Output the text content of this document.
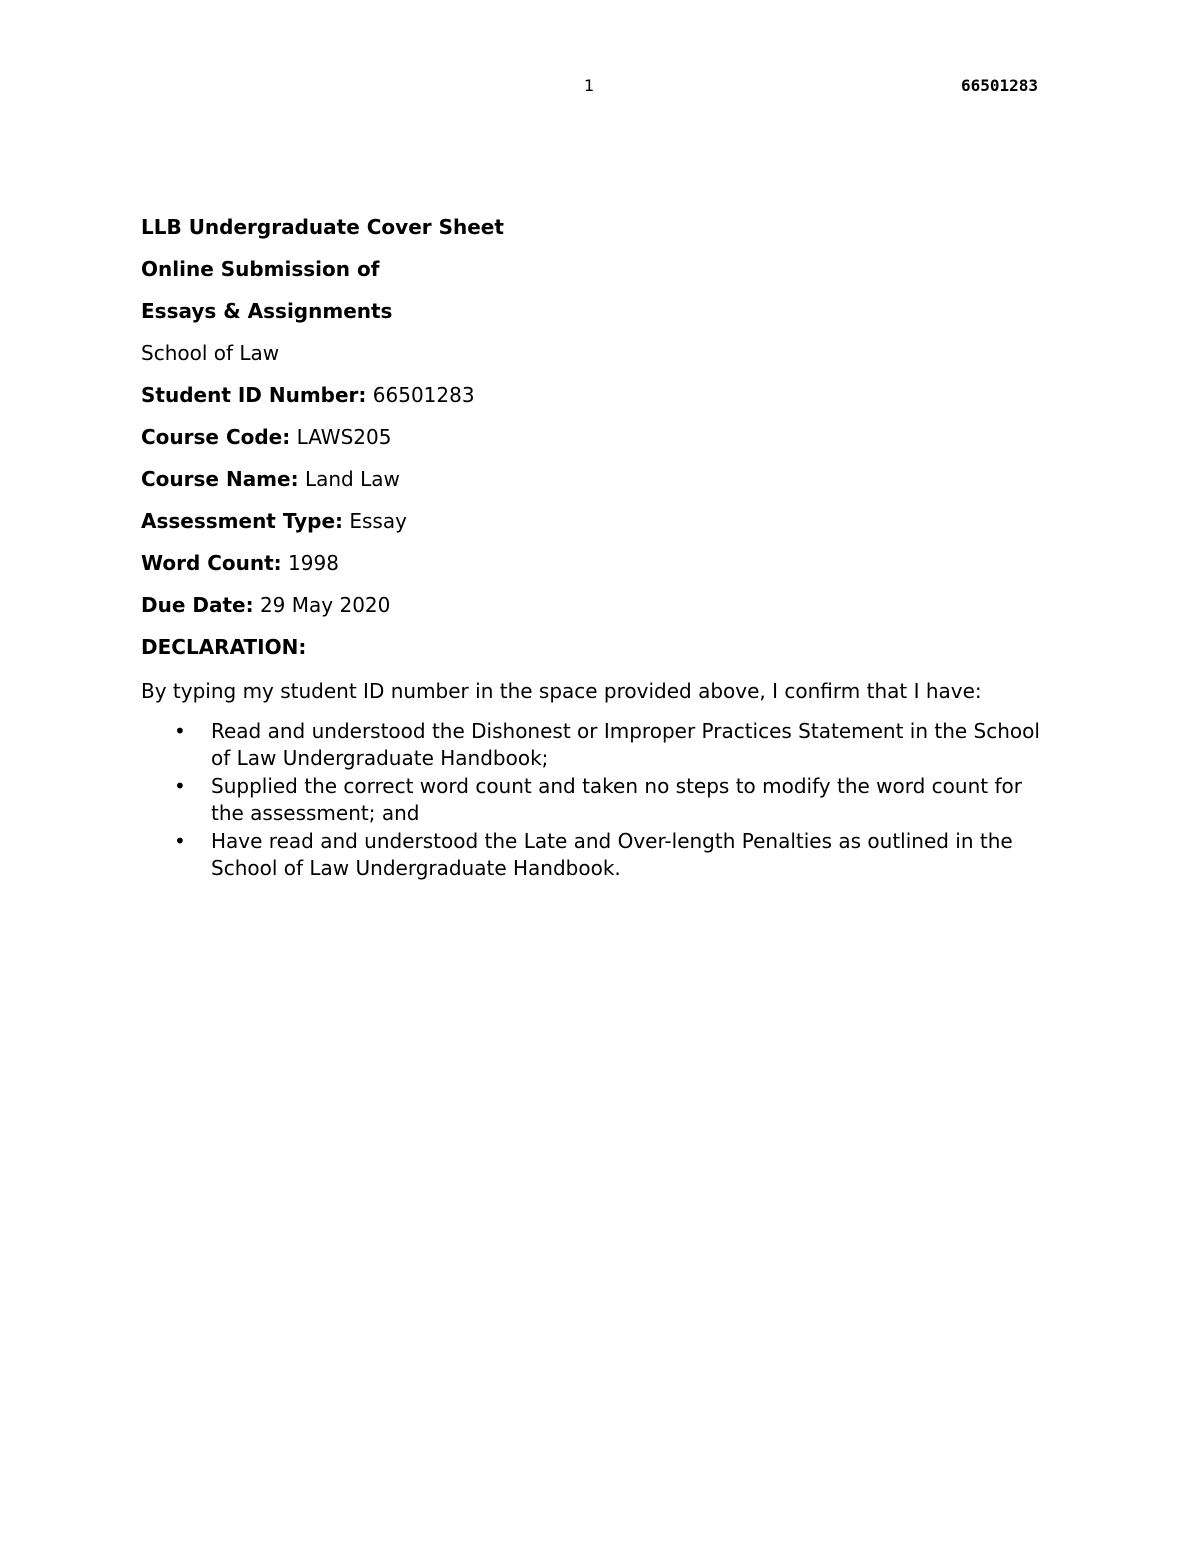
1	66501283
LLB Undergraduate Cover Sheet
Online Submission of
Essays & Assignments
School of Law
Student ID Number: 66501283
Course Code: LAWS205
Course Name: Land Law
Assessment Type: Essay
Word Count: 1998
Due Date: 29 May 2020
DECLARATION:
By typing my student ID number in the space provided above, I confirm that I have:
• Read and understood the Dishonest or Improper Practices Statement in the School of Law Undergraduate Handbook;
• Supplied the correct word count and taken no steps to modify the word count for the assessment; and
• Have read and understood the Late and Over-length Penalties as outlined in the School of Law Undergraduate Handbook.
